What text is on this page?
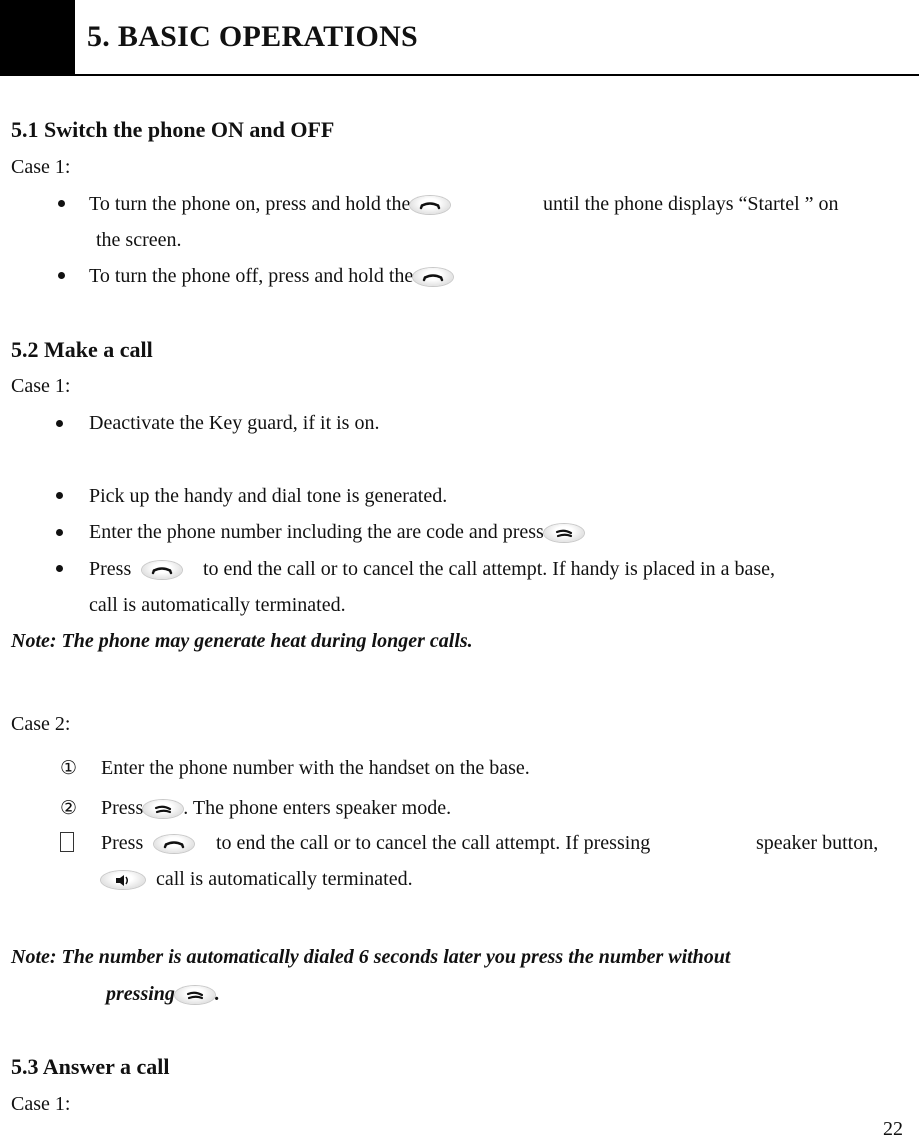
5. BASIC OPERATIONS
5.1 Switch the phone ON and OFF
Case 1:
To turn the phone on, press and hold the	until the phone displays “Startel ” on
the screen.
To turn the phone off, press and hold the
5.2 Make a call
Case 1:
Deactivate the Key guard, if it is on.
Pick up the handy and dial tone is generated.
Enter the phone number including the are code and press
Press	to end the call or to cancel the call attempt. If handy is placed in a base,
call is automatically terminated.
Note: The phone may generate heat during longer calls.
Case 2:
① Enter the phone number with the handset on the base.
② Press . The phone enters speaker mode.
Press	to end the call or to cancel the call attempt. If pressing	speaker button,
call is automatically terminated.
Note: The number is automatically dialed 6 seconds later you press the number without
pressing .
5.3 Answer a call
Case 1:
22
